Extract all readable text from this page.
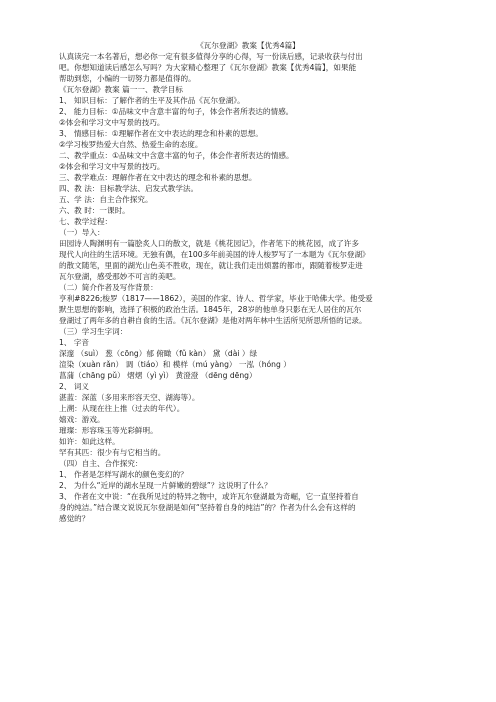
《瓦尔登湖》教案【优秀4篇】
认真读完一本名著后，想必你一定有很多值得分享的心得，写一份读后感，记录收获与付出
吧。你想知道读后感怎么写吗？为大家精心整理了《瓦尔登湖》教案【优秀4篇】，如果能
帮助到您，小编的一切努力都是值得的。
《瓦尔登湖》教案 篇一一、教学目标
1、 知识目标：了解作者的生平及其作品《瓦尔登湖》。
2、 能力目标：①品味文中含意丰富的句子，体会作者所表达的情感。
②体会和学习文中写景的技巧。
3、 情感目标：①理解作者在文中表达的理念和朴素的思想。
②学习梭罗热爱大自然、热爱生命的态度。
二、教学重点：①品味文中含意丰富的句子，体会作者所表达的情感。
②体会和学习文中写景的技巧。
三、教学难点：理解作者在文中表达的理念和朴素的思想。
四、教 法：目标教学法、启发式教学法。
五、学 法：自主合作探究。
六、教 时：一课时。
七、教学过程：
（一）导入：
田园诗人陶渊明有一篇脍炙人口的散文，就是《桃花园记》，作者笔下的桃花园，成了许多
现代人向往的生活环境。无独有偶，在100多年前美国的诗人梭罗写了一本题为《瓦尔登湖》
的散文随笔，里面的湖光山色美不胜收，现在，就让我们走出烦嚣的都市，跟随着梭罗走进
瓦尔登湖，感受那妙不可言的美吧。
（二）简介作者及写作背景：
亨利#8226;梭罗（1817——1862），美国的作家、诗人、哲学家，毕业于哈佛大学。他受爱
默生思想的影响，选择了积极的政治生活。1845年，28岁的他单身只影在无人居住的瓦尔
登湖过了两年多的自耕自食的生活。《瓦尔登湖》是他对两年林中生活所见所思所悟的记录。
（三）学习生字词：
1、 字音
深邃 （suì） 葱（cōng）郁 俯瞰（fǔ kàn） 黛（dài ）绿
渲染（xuàn rǎn） 调（tiáo）和 模样（mú yàng） 一泓（hóng ）
菖蒲（chāng pǔ） 熠熠（yì yì） 黄澄澄 （dēng dēng）
2、 词义
湛蓝：深蓝（多用来形容天空、湖海等）。
上溯：从现在往上推（过去的年代）。
嬉戏：游戏。
璀璨：形容珠玉等光彩鲜明。
如许：如此这样。
罕有其匹：很少有与它相当的。
（四）自主、合作探究：
1、 作者是怎样写湖水的颜色变幻的？
2、 为什么“近岸的湖水呈现一片鲜嫩的碧绿”？这说明了什么？
3、 作者在文中说：“在我所见过的特异之物中，或许瓦尔登湖最为奇崛，它一直坚持着自
身的纯洁。”结合课文说说瓦尔登湖是如何“坚持着自身的纯洁”的？作者为什么会有这样的
感觉的？
